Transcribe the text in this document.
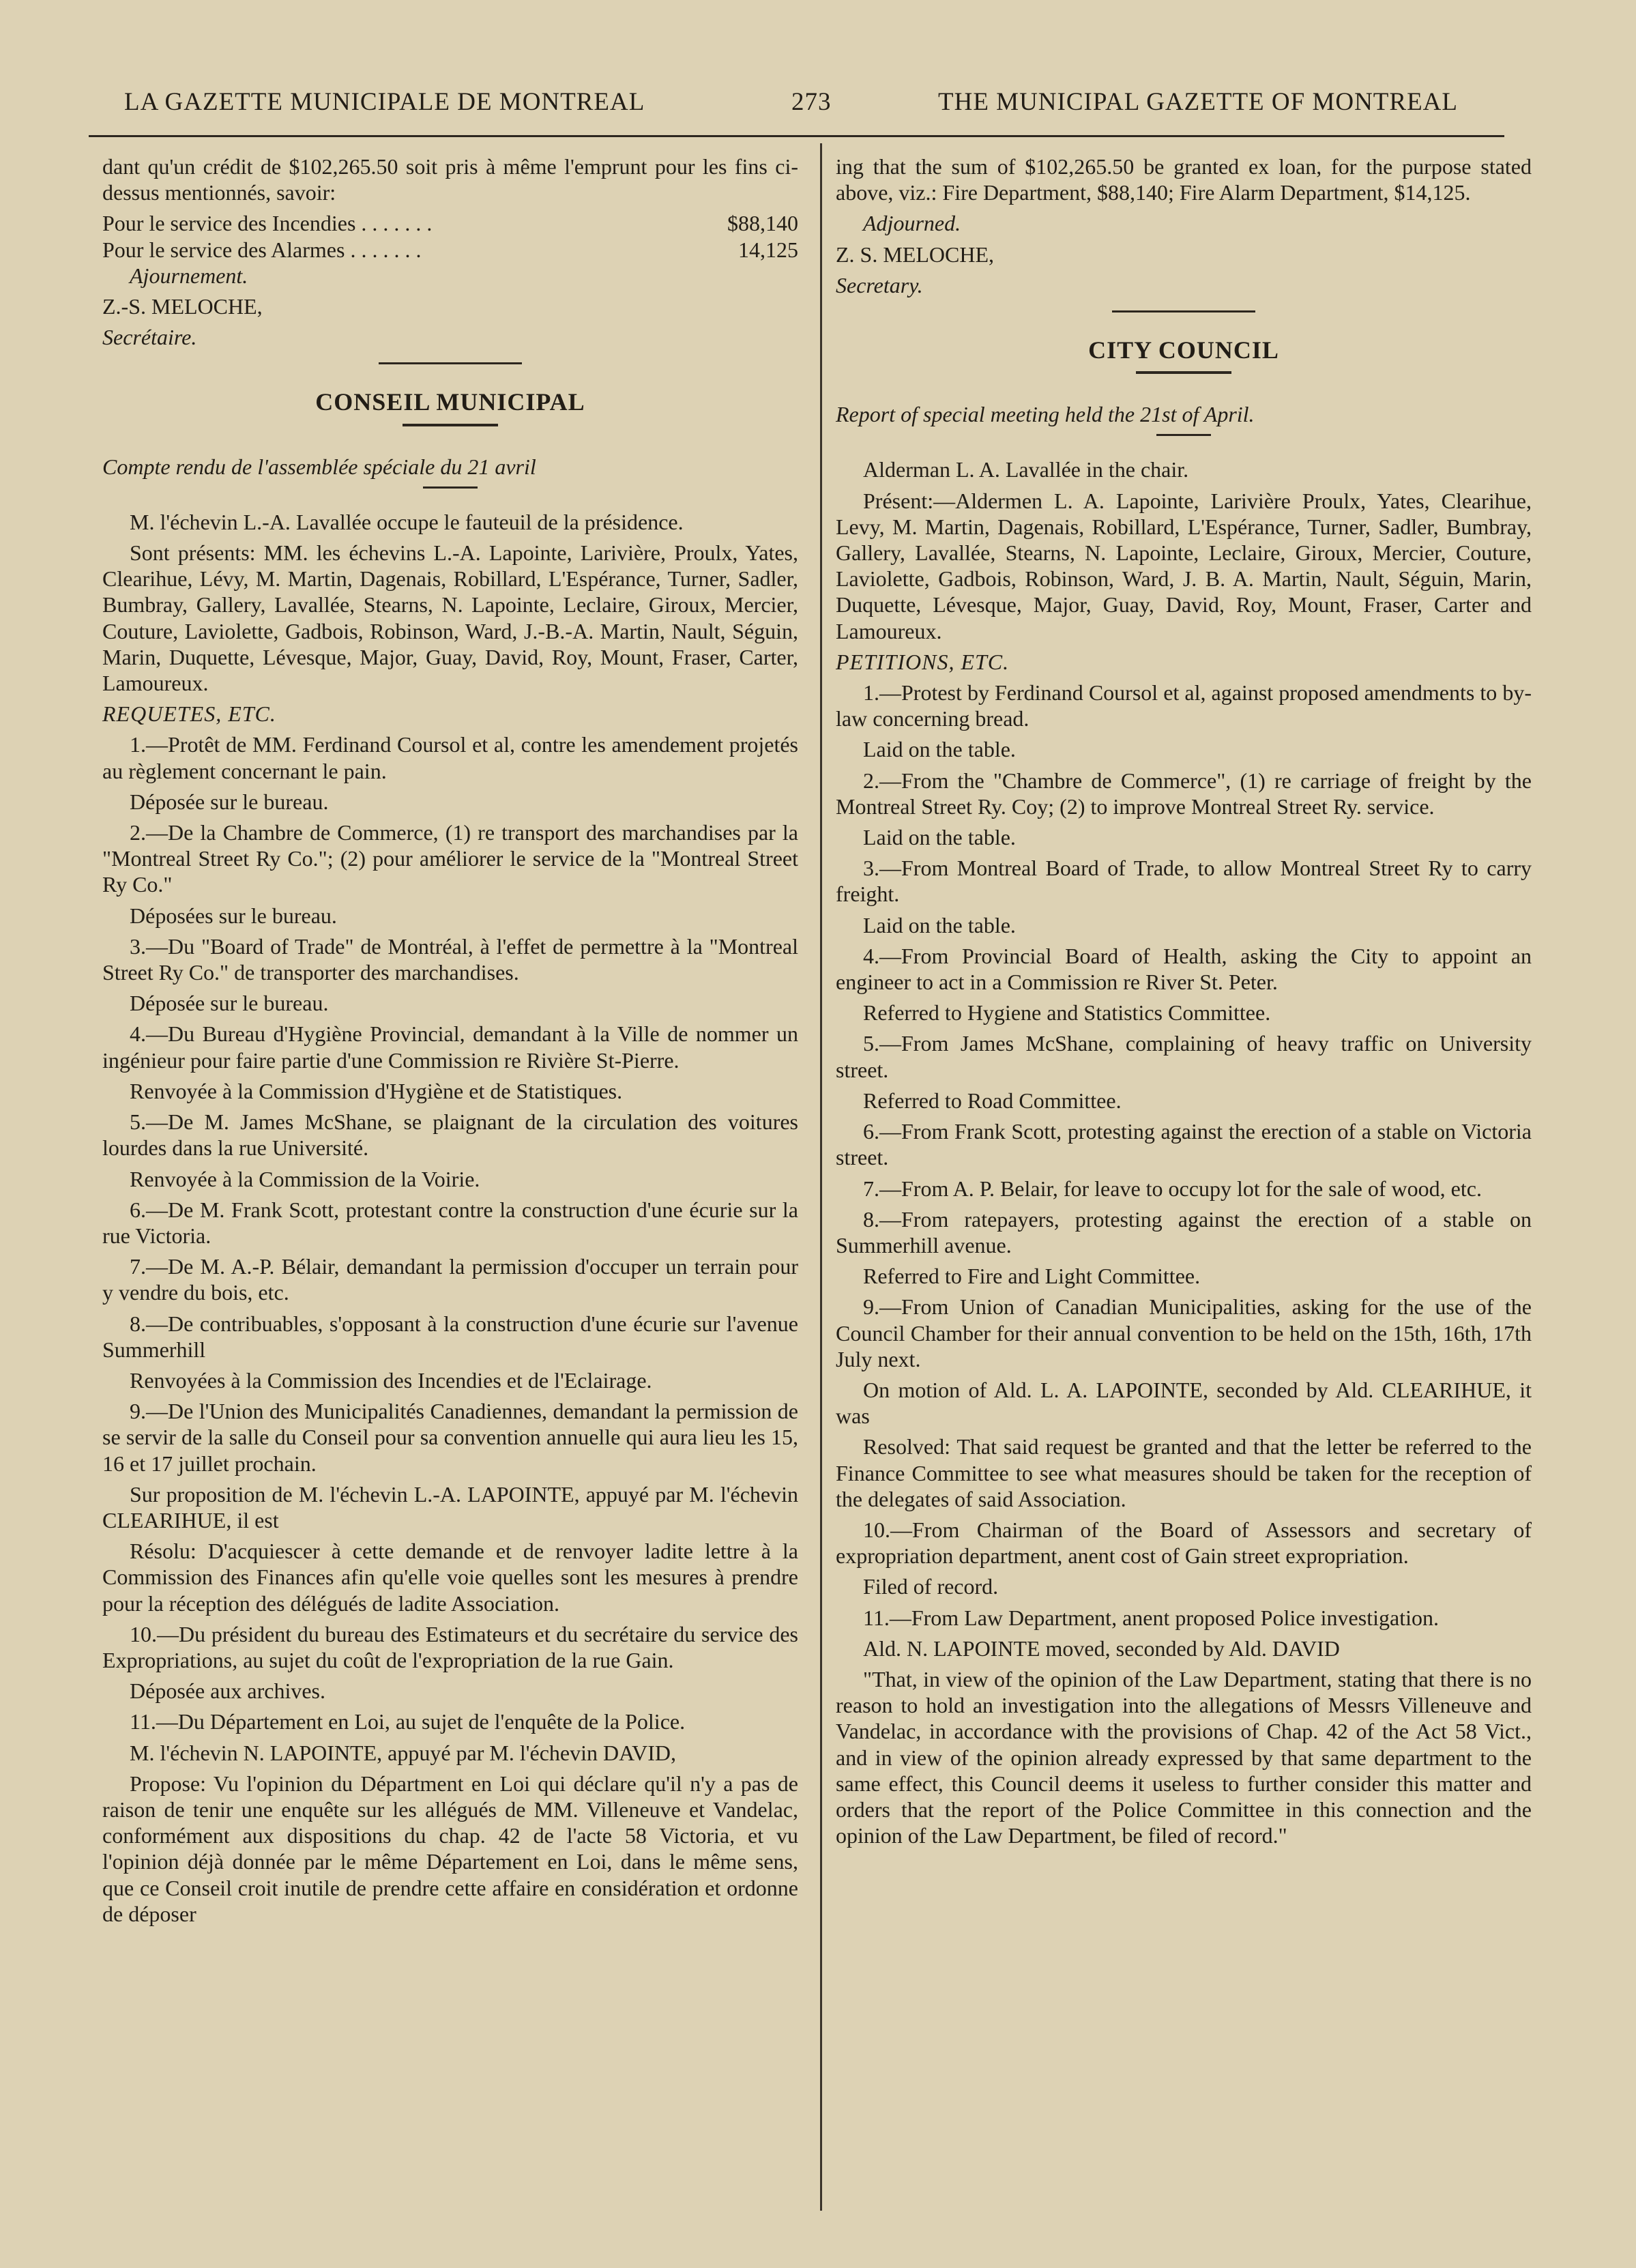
LA GAZETTE MUNICIPALE DE MONTREAL	273	THE MUNICIPAL GAZETTE OF MONTREAL

dant qu'un crédit de $102,265.50 soit pris à même l'emprunt pour les fins ci-dessus mentionnés, savoir:

Pour le service des Incendies . . . . . . .	$88,140
Pour le service des Alarmes . . . . . . .	14,125

Ajournement.

Z.-S. MELOCHE,

Secrétaire.

CONSEIL MUNICIPAL

Compte rendu de l'assemblée spéciale du 21 avril

M. l'échevin L.-A. Lavallée occupe le fauteuil de la présidence.

Sont présents: MM. les échevins L.-A. Lapointe, Larivière, Proulx, Yates, Clearihue, Lévy, M. Martin, Dagenais, Robillard, L'Espérance, Turner, Sadler, Bumbray, Gallery, Lavallée, Stearns, N. Lapointe, Leclaire, Giroux, Mercier, Couture, Laviolette, Gadbois, Robinson, Ward, J.-B.-A. Martin, Nault, Séguin, Marin, Duquette, Lévesque, Major, Guay, David, Roy, Mount, Fraser, Carter, Lamoureux.

REQUETES, ETC.

1.—Protêt de MM. Ferdinand Coursol et al, contre les amendement projetés au règlement concernant le pain.

Déposée sur le bureau.

2.—De la Chambre de Commerce, (1) re transport des marchandises par la "Montreal Street Ry Co."; (2) pour améliorer le service de la "Montreal Street Ry Co."

Déposées sur le bureau.

3.—Du "Board of Trade" de Montréal, à l'effet de permettre à la "Montreal Street Ry Co." de transporter des marchandises.

Déposée sur le bureau.

4.—Du Bureau d'Hygiène Provincial, demandant à la Ville de nommer un ingénieur pour faire partie d'une Commission re Rivière St-Pierre.

Renvoyée à la Commission d'Hygiène et de Statistiques.

5.—De M. James McShane, se plaignant de la circulation des voitures lourdes dans la rue Université.

Renvoyée à la Commission de la Voirie.

6.—De M. Frank Scott, protestant contre la construction d'une écurie sur la rue Victoria.

7.—De M. A.-P. Bélair, demandant la permission d'occuper un terrain pour y vendre du bois, etc.

8.—De contribuables, s'opposant à la construction d'une écurie sur l'avenue Summerhill

Renvoyées à la Commission des Incendies et de l'Eclairage.

9.—De l'Union des Municipalités Canadiennes, demandant la permission de se servir de la salle du Conseil pour sa convention annuelle qui aura lieu les 15, 16 et 17 juillet prochain.

Sur proposition de M. l'échevin L.-A. LAPOINTE, appuyé par M. l'échevin CLEARIHUE, il est

Résolu: D'acquiescer à cette demande et de renvoyer ladite lettre à la Commission des Finances afin qu'elle voie quelles sont les mesures à prendre pour la réception des délégués de ladite Association.

10.—Du président du bureau des Estimateurs et du secrétaire du service des Expropriations, au sujet du coût de l'expropriation de la rue Gain.

Déposée aux archives.

11.—Du Département en Loi, au sujet de l'enquête de la Police.

M. l'échevin N. LAPOINTE, appuyé par M. l'échevin DAVID,

Propose: Vu l'opinion du Départment en Loi qui déclare qu'il n'y a pas de raison de tenir une enquête sur les allégués de MM. Villeneuve et Vandelac, conformément aux dispositions du chap. 42 de l'acte 58 Victoria, et vu l'opinion déjà donnée par le même Département en Loi, dans le même sens, que ce Conseil croit inutile de prendre cette affaire en considération et ordonne de déposer

ing that the sum of $102,265.50 be granted ex loan, for the purpose stated above, viz.: Fire Department, $88,140; Fire Alarm Department, $14,125.

Adjourned.

Z. S. MELOCHE,

Secretary.

CITY COUNCIL

Report of special meeting held the 21st of April.

Alderman L. A. Lavallée in the chair.

Présent:—Aldermen L. A. Lapointe, Larivière Proulx, Yates, Clearihue, Levy, M. Martin, Dagenais, Robillard, L'Espérance, Turner, Sadler, Bumbray, Gallery, Lavallée, Stearns, N. Lapointe, Leclaire, Giroux, Mercier, Couture, Laviolette, Gadbois, Robinson, Ward, J. B. A. Martin, Nault, Séguin, Marin, Duquette, Lévesque, Major, Guay, David, Roy, Mount, Fraser, Carter and Lamoureux.

PETITIONS, ETC.

1.—Protest by Ferdinand Coursol et al, against proposed amendments to by-law concerning bread.

Laid on the table.

2.—From the "Chambre de Commerce", (1) re carriage of freight by the Montreal Street Ry. Coy; (2) to improve Montreal Street Ry. service.

Laid on the table.

3.—From Montreal Board of Trade, to allow Montreal Street Ry to carry freight.

Laid on the table.

4.—From Provincial Board of Health, asking the City to appoint an engineer to act in a Commission re River St. Peter.

Referred to Hygiene and Statistics Committee.

5.—From James McShane, complaining of heavy traffic on University street.

Referred to Road Committee.

6.—From Frank Scott, protesting against the erection of a stable on Victoria street.

7.—From A. P. Belair, for leave to occupy lot for the sale of wood, etc.

8.—From ratepayers, protesting against the erection of a stable on Summerhill avenue.

Referred to Fire and Light Committee.

9.—From Union of Canadian Municipalities, asking for the use of the Council Chamber for their annual convention to be held on the 15th, 16th, 17th July next.

On motion of Ald. L. A. LAPOINTE, seconded by Ald. CLEARIHUE, it was

Resolved: That said request be granted and that the letter be referred to the Finance Committee to see what measures should be taken for the reception of the delegates of said Association.

10.—From Chairman of the Board of Assessors and secretary of expropriation department, anent cost of Gain street expropriation.

Filed of record.

11.—From Law Department, anent proposed Police investigation.

Ald. N. LAPOINTE moved, seconded by Ald. DAVID

"That, in view of the opinion of the Law Department, stating that there is no reason to hold an investigation into the allegations of Messrs Villeneuve and Vandelac, in accordance with the provisions of Chap. 42 of the Act 58 Vict., and in view of the opinion already expressed by that same department to the same effect, this Council deems it useless to further consider this matter and orders that the report of the Police Committee in this connection and the opinion of the Law Department, be filed of record."
